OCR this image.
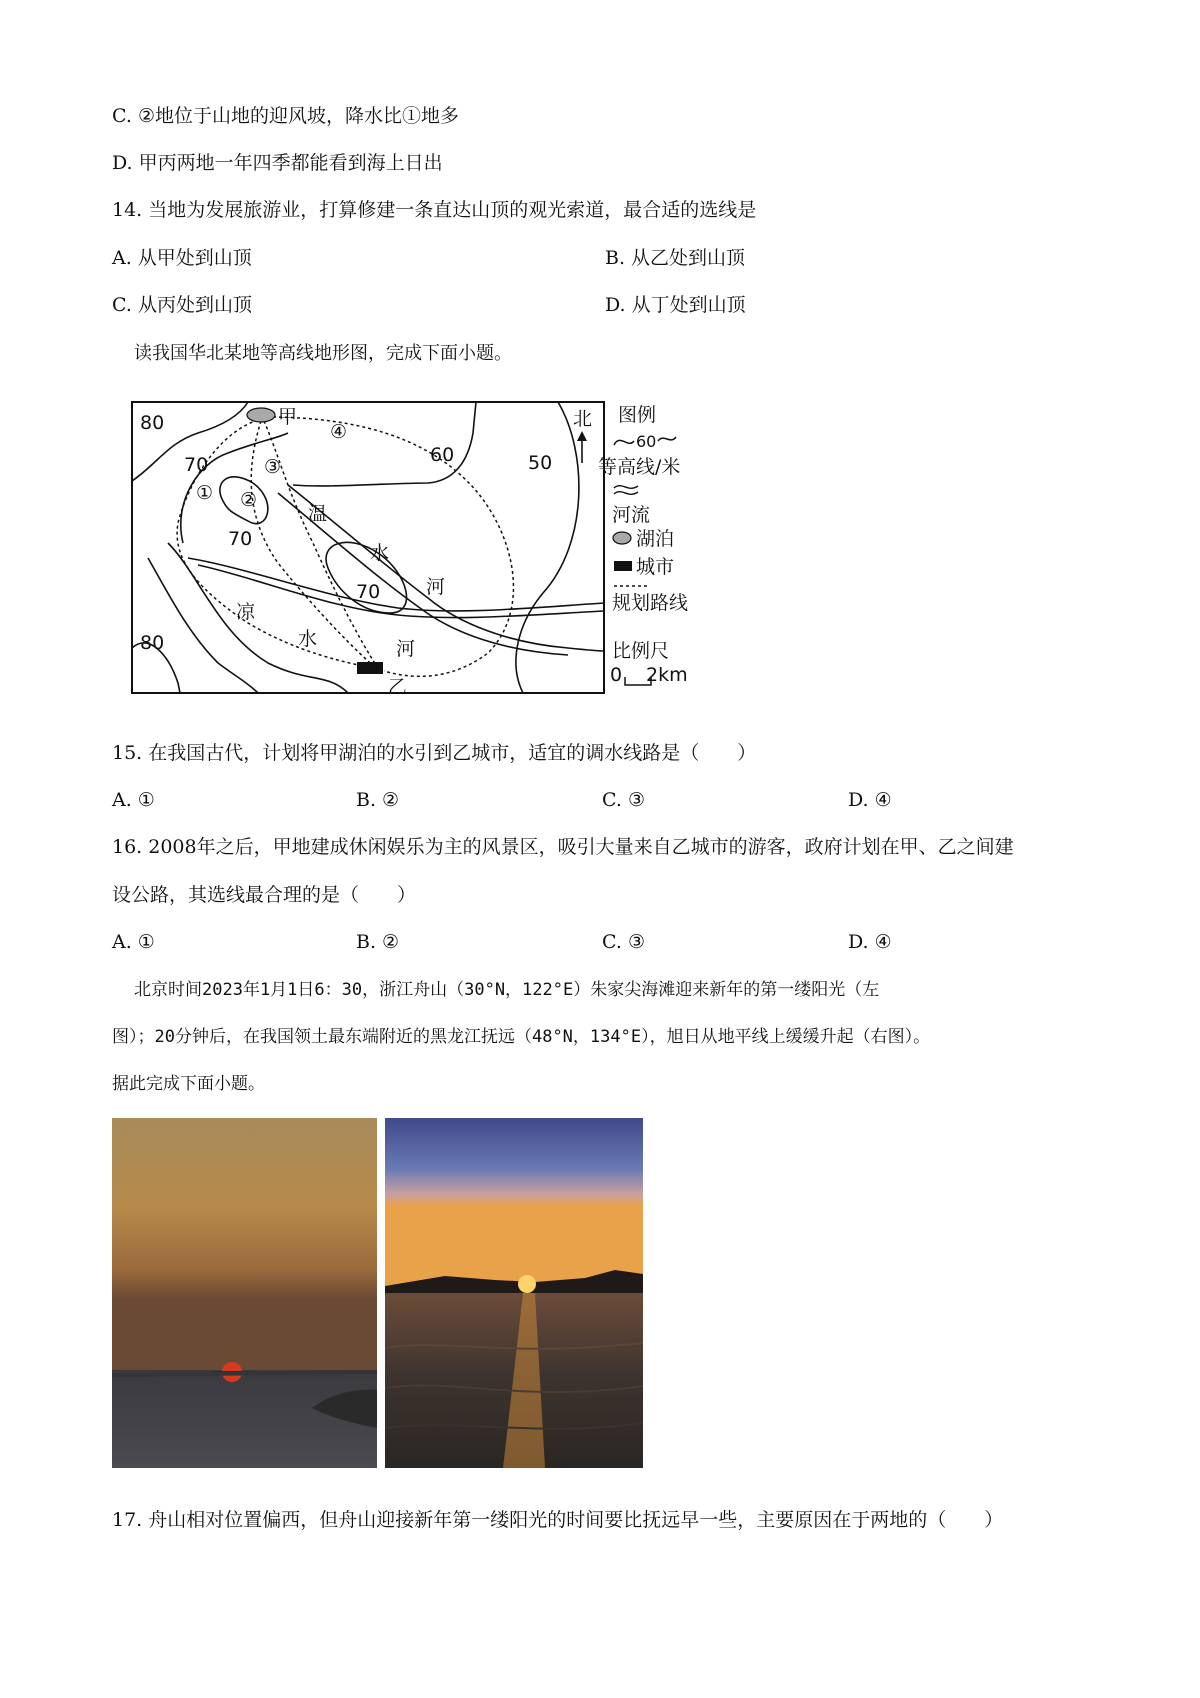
C. ②地位于山地的迎风坡，降水比①地多
D. 甲丙两地一年四季都能看到海上日出
14. 当地为发展旅游业，打算修建一条直达山顶的观光索道，最合适的选线是
A. 从甲处到山顶	B. 从乙处到山顶
C. 从丙处到山顶	D. 从丁处到山顶
读我国华北某地等高线地形图，完成下面小题。
80
70	60	50
70
70
80
甲
乙
① ②
③
④
温
水
河
凉
水	河
北 图例
60
等高线/米
河流
湖泊
城市
规划路线
比例尺
0 2km
15. 在我国古代，计划将甲湖泊的水引到乙城市，适宜的调水线路是（　　）
A. ①	B. ②	C. ③	D. ④
16. 2008年之后，甲地建成休闲娱乐为主的风景区，吸引大量来自乙城市的游客，政府计划在甲、乙之间建
设公路，其选线最合理的是（　　）
A. ①	B. ②	C. ③	D. ④
北京时间2023年1月1日6：30，浙江舟山（30°N，122°E）朱家尖海滩迎来新年的第一缕阳光（左
图）；20分钟后，在我国领土最东端附近的黑龙江抚远（48°N，134°E），旭日从地平线上缓缓升起（右图）。
据此完成下面小题。
17. 舟山相对位置偏西，但舟山迎接新年第一缕阳光的时间要比抚远早一些，主要原因在于两地的（　　）
